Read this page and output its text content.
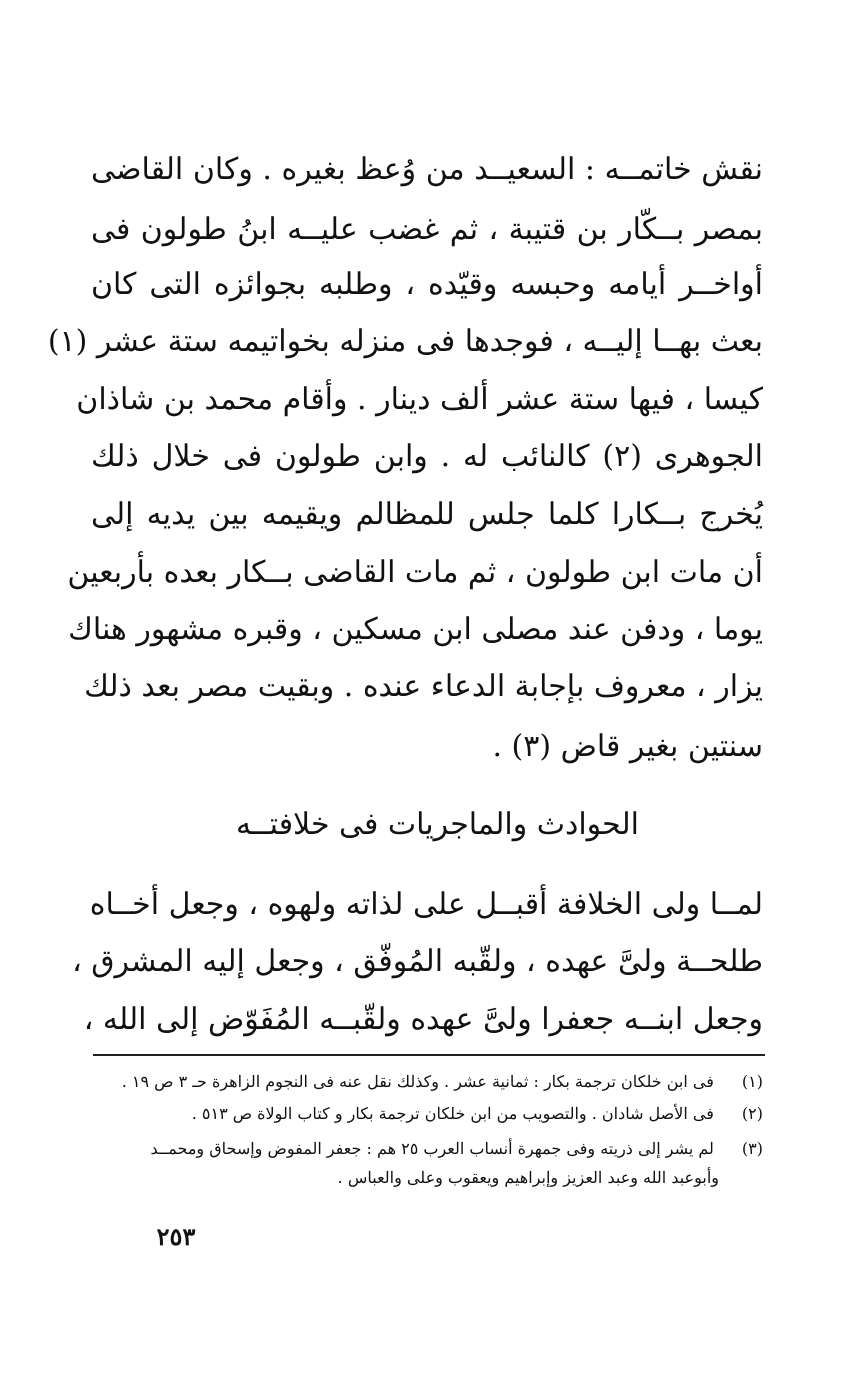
نقش خاتمــه : السعيــد من وُعظ بغيره . وكان القاضى
بمصر بــكّار بن قتيبة ، ثم غضب عليــه ابنُ طولون فى
أواخــر أيامه وحبسه وقيّده ، وطلبه بجوائزه التى كان
بعث بهــا إليــه ، فوجدها فى منزله بخواتيمه ستة عشر (١)
كيسا ، فيها ستة عشر ألف دينار . وأقام محمد بن شاذان
الجوهرى (٢) كالنائب له . وابن طولون فى خلال ذلك
يُخرج بــكارا كلما جلس للمظالم ويقيمه بين يديه إلى
أن مات ابن طولون ، ثم مات القاضى بــكار بعده بأربعين
يوما ، ودفن عند مصلى ابن مسكين ، وقبره مشهور هناك
يزار ، معروف بإجابة الدعاء عنده . وبقيت مصر بعد ذلك
سنتين بغير قاض (٣) .
الحوادث والماجريات فى خلافتــه
لمــا ولى الخلافة أقبــل على لذاته ولهوه ، وجعل أخــاه
طلحــة ولىَّ عهده ، ولقّبه المُوفّق ، وجعل إليه المشرق ،
وجعل ابنــه جعفرا ولىَّ عهده ولقّبــه المُفَوّض إلى الله ،
(١) فى ابن خلكان ترجمة بكار : ثمانية عشر . وكذلك نقل عنه فى النجوم الزاهرة حـ ٣ ص ١٩ .
(٢) فى الأصل شادان . والتصويب من ابن خلكان ترجمة بكار و كتاب الولاة ص ٥١٣ .
(٣) لم يشر إلى ذريته وفى جمهرة أنساب العرب ٢٥ هم : جعفر المفوض وإسحاق ومحمــد
وأبوعبد الله وعبد العزيز وإبراهيم ويعقوب وعلى والعباس .
٢٥٣
